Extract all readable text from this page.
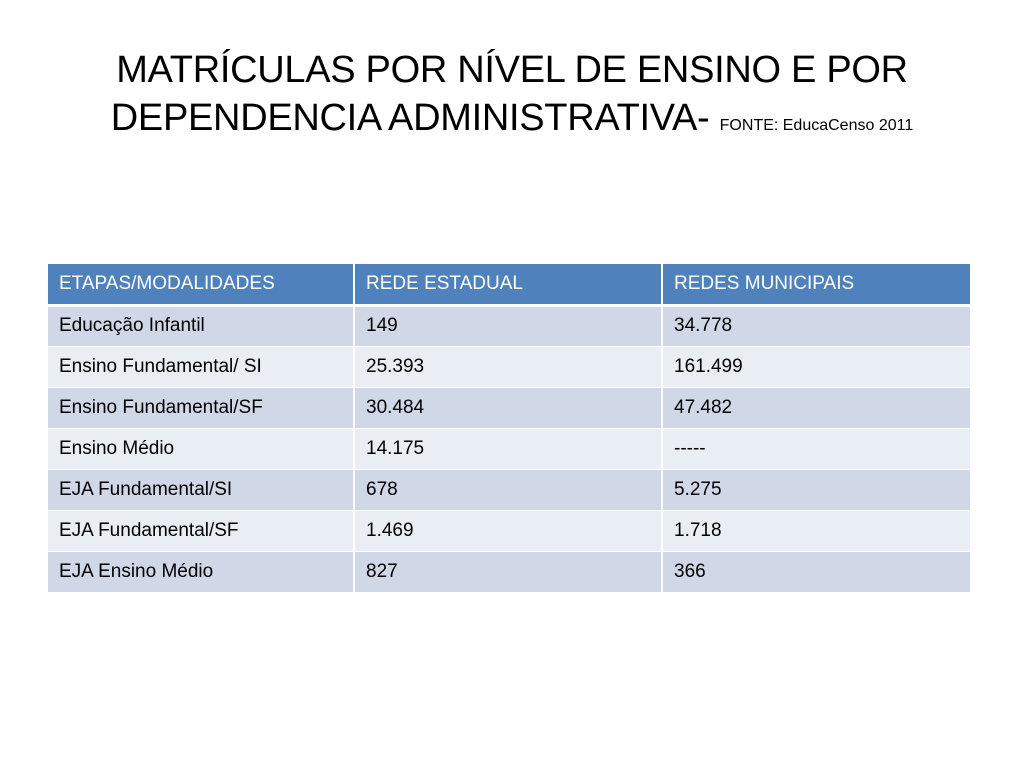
MATRÍCULAS POR NÍVEL DE ENSINO E POR
DEPENDENCIA ADMINISTRATIVA- FONTE: EducaCenso 2011
ETAPAS/MODALIDADES	REDE ESTADUAL	REDES MUNICIPAIS
Educação Infantil	149	34.778
Ensino Fundamental/ SI	25.393	161.499
Ensino Fundamental/SF	30.484	47.482
Ensino Médio	14.175	-----
EJA Fundamental/SI	678	5.275
EJA Fundamental/SF	1.469	1.718
EJA Ensino Médio	827	366
